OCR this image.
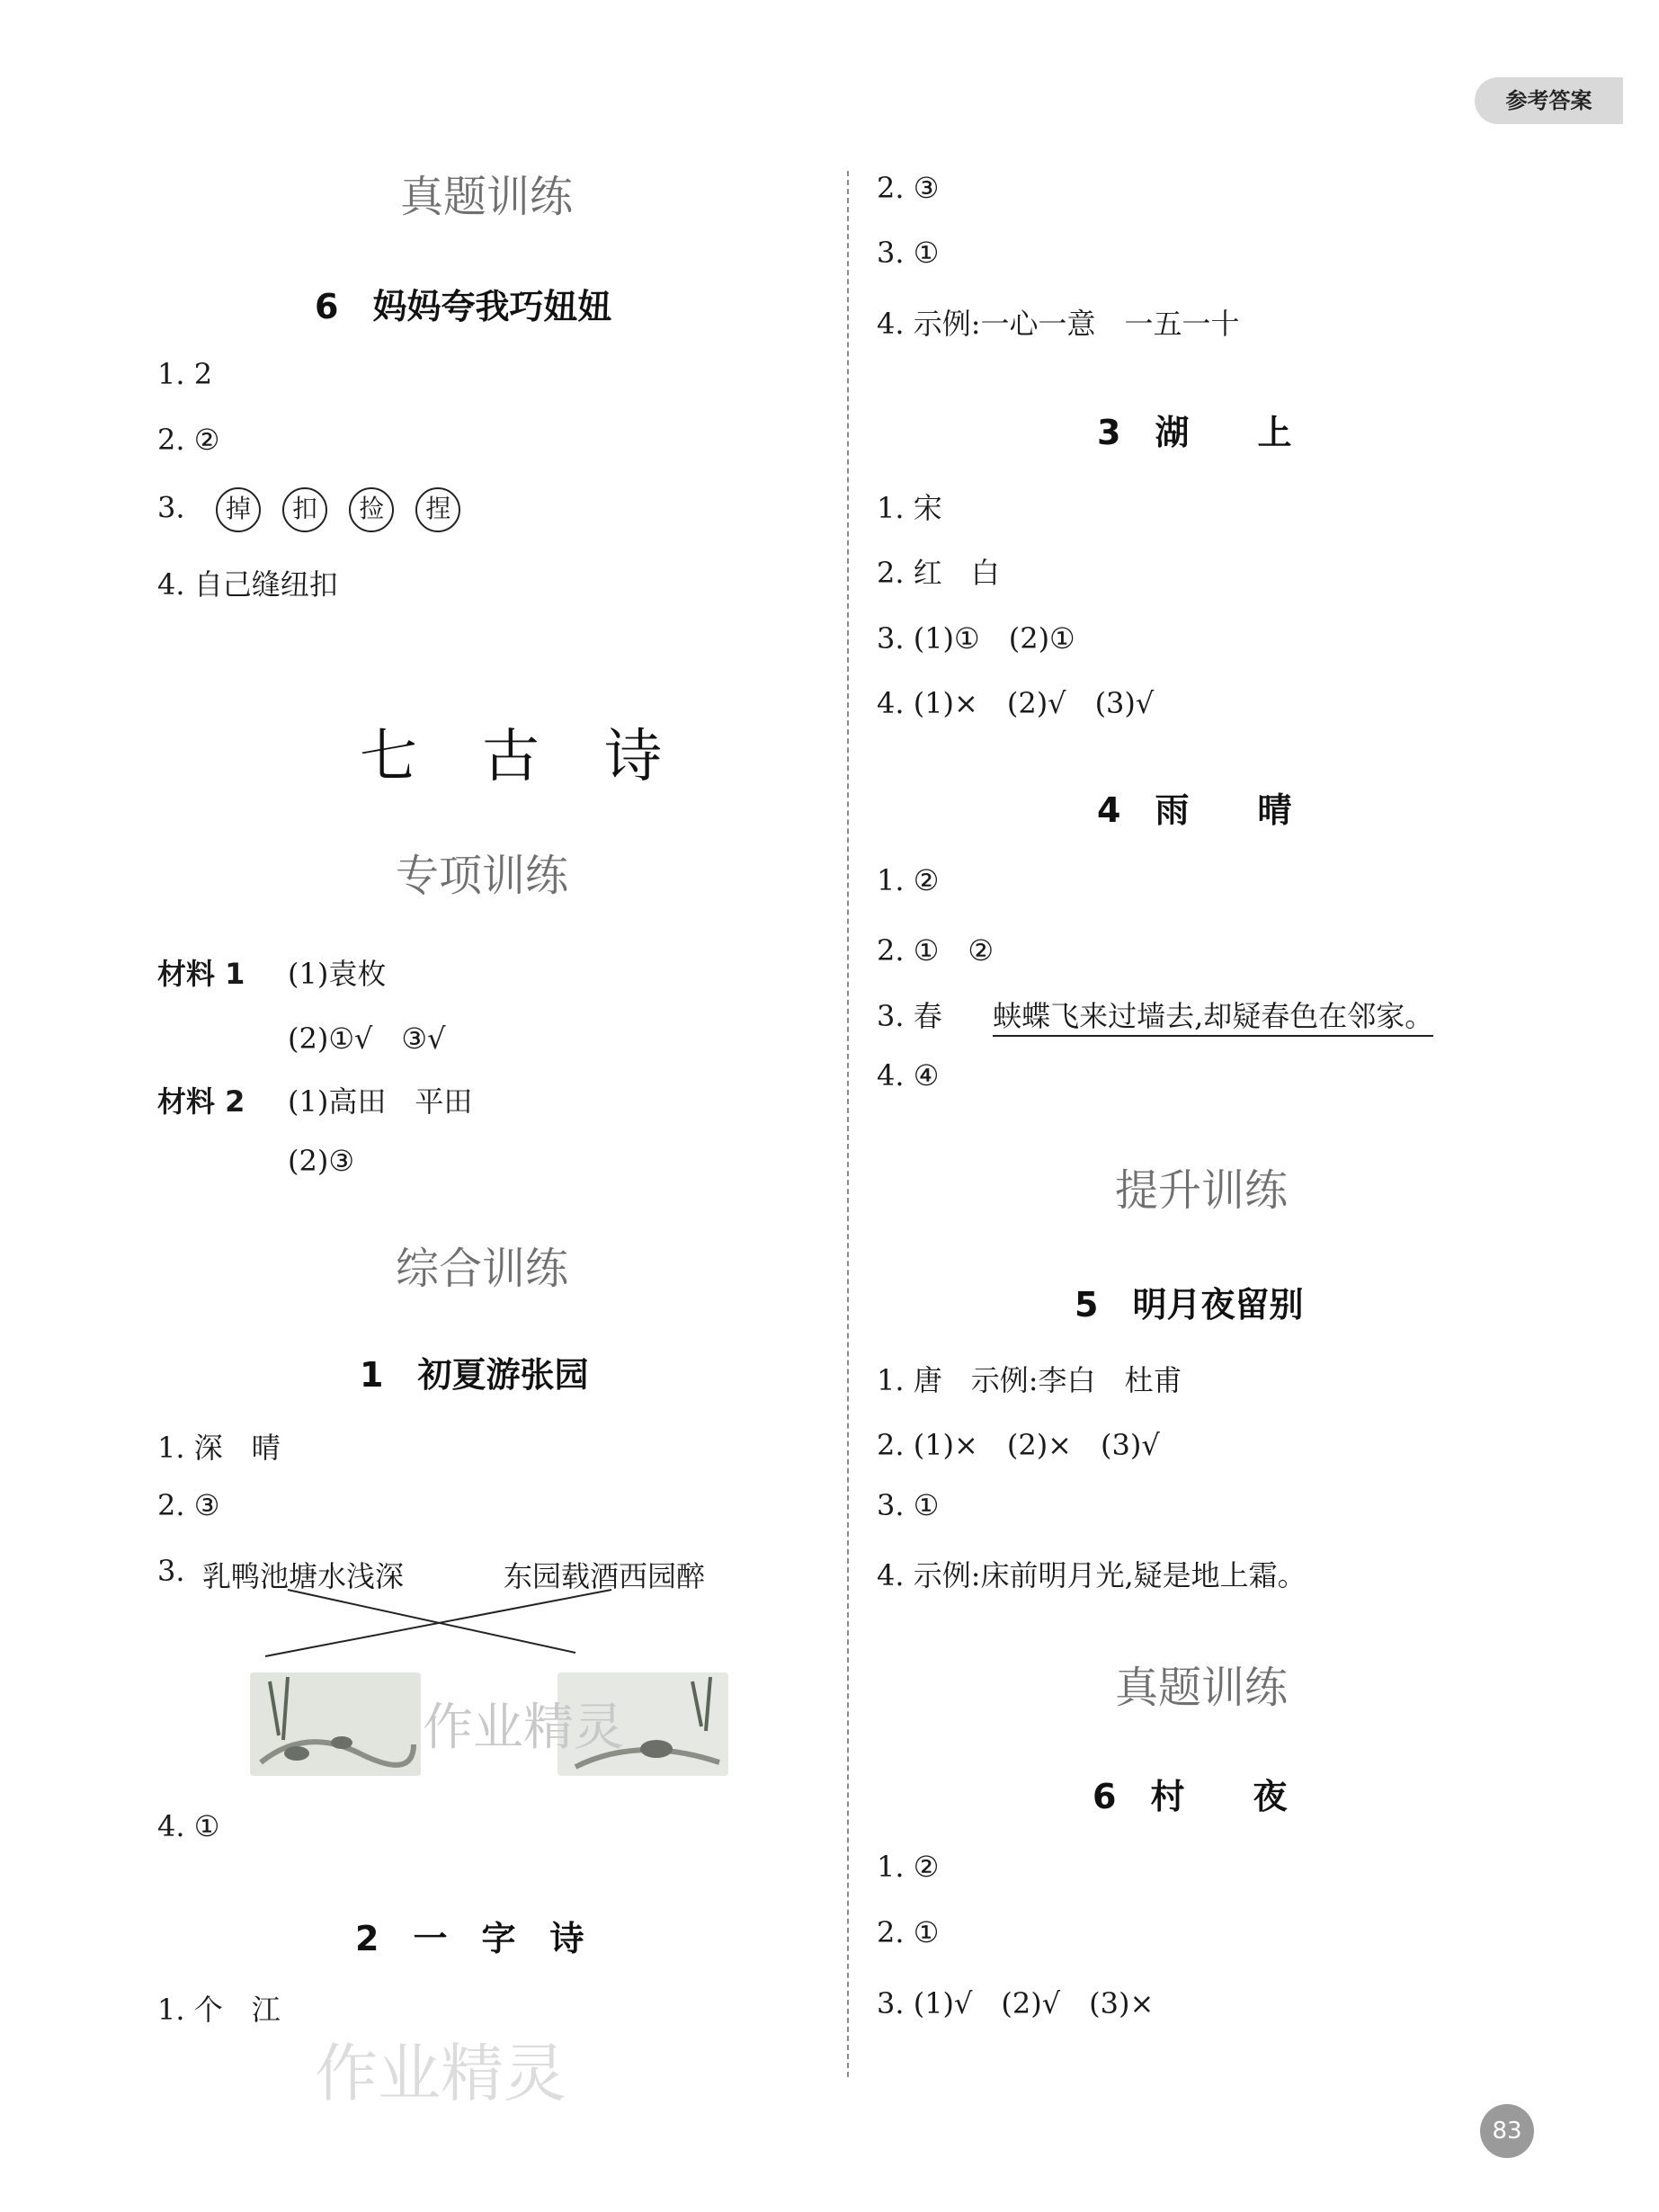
参考答案
真题训练
6　妈妈夸我巧妞妞
1. 2
2. ②
3. 掉 扣 捡 捏
4. 自己缝纽扣
七　古　诗
专项训练
材料 1 (1)袁枚
(2)①√　③√
材料 2 (1)高田　平田
(2)③
综合训练
1　初夏游张园
1. 深　晴
2. ③
3. 乳鸭池塘水浅深	东园载酒西园醉
作业精灵
4. ①
2　一　字　诗
1. 个　江
作业精灵
2. ③
3. ①
4. 示例:一心一意　一五一十
3　湖　　上
1. 宋
2. 红　白
3. (1)①　(2)①
4. (1)×　(2)√　(3)√
4　雨　　晴
1. ②
2. ①　②
3. 春 蛱蝶飞来过墙去,却疑春色在邻家。
4. ④
提升训练
5　明月夜留别
1. 唐　示例:李白　杜甫
2. (1)×　(2)×　(3)√
3. ①
4. 示例:床前明月光,疑是地上霜。
真题训练
6　村　　夜
1. ②
2. ①
3. (1)√　(2)√　(3)×
83
